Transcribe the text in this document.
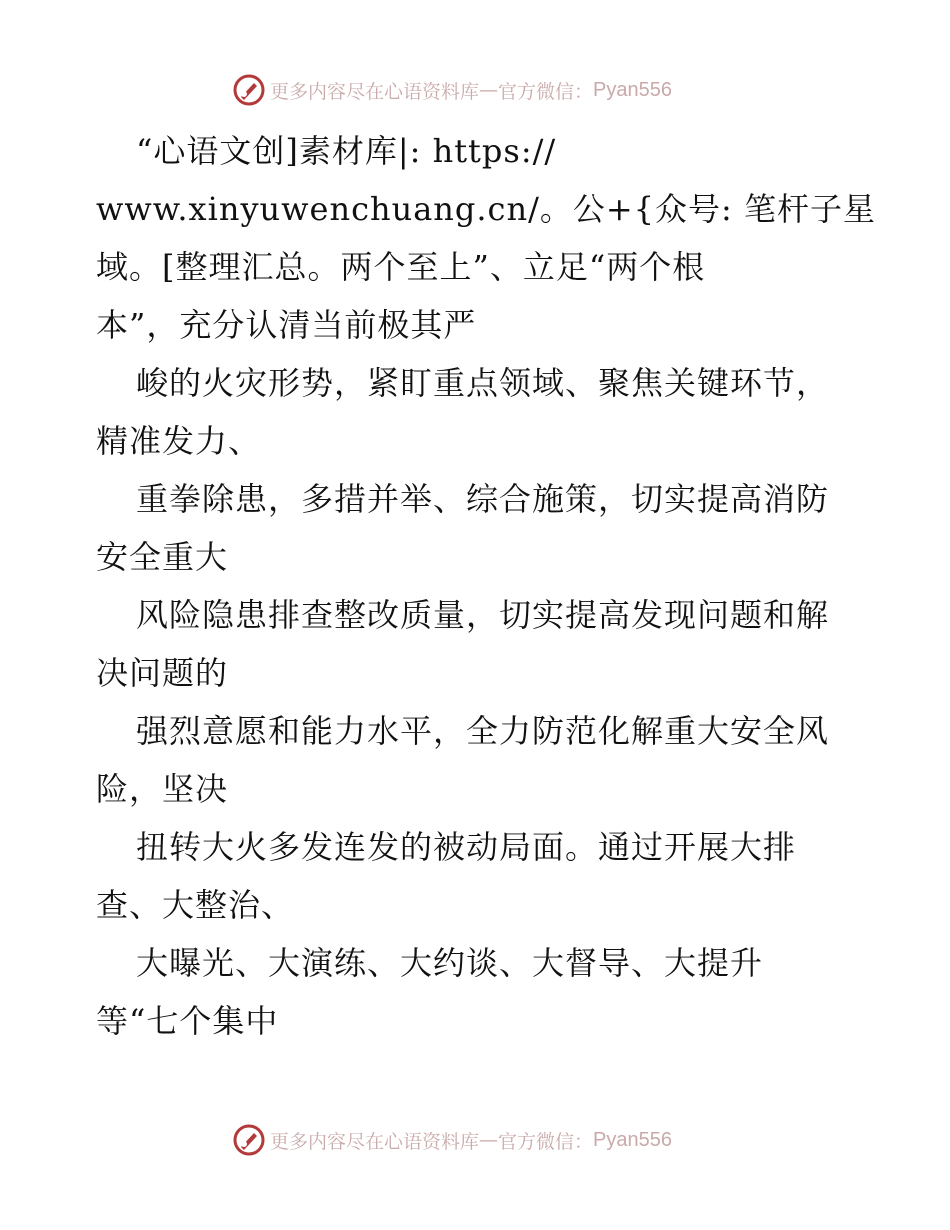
更多内容尽在心语资料库 — 官方微信： Pyan556
“心语文创]素材库|: https://
www.xinyuwenchuang.cn/。公+{众号: 笔杆子星
域。[整理汇总。两个至上”、立足“两个根
本”，充分认清当前极其严
峻的火灾形势，紧盯重点领域、聚焦关键环节，
精准发力、
重拳除患，多措并举、综合施策，切实提高消防
安全重大
风险隐患排查整改质量，切实提高发现问题和解
决问题的
强烈意愿和能力水平，全力防范化解重大安全风
险，坚决
扭转大火多发连发的被动局面。通过开展大排
查、大整治、
大曝光、大演练、大约谈、大督导、大提升
等“七个集中
更多内容尽在心语资料库 — 官方微信： Pyan556
